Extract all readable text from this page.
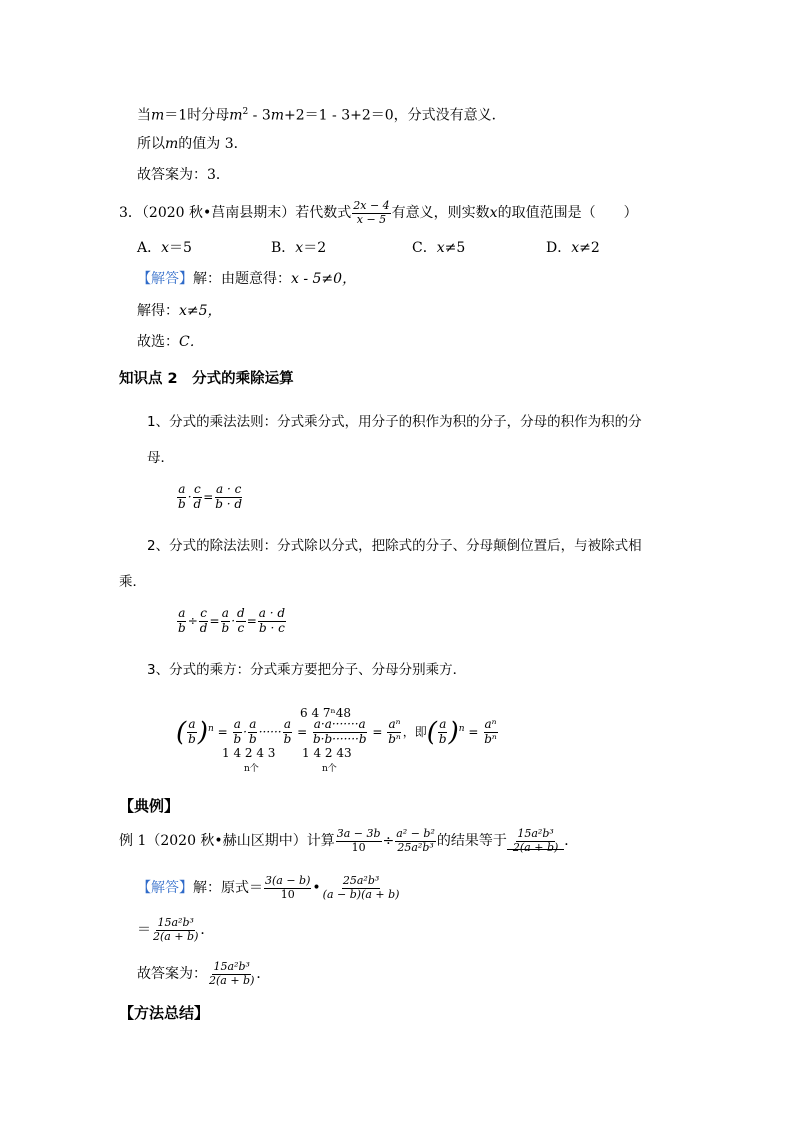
当m＝1时分母$m^2 - 3m+2=1 - 3+2=0$，分式没有意义．
所以m的值为 3．
故答案为：3．
3．（2020 秋•莒南县期末）若代数式 $\frac{2x - 4}{x - 5}$ 有意义，则实数x的取值范围是（　　）
A．x＝5	B．x＝2	C．x≠5	D．x≠2
【解答】解：由题意得：x - 5≠0，
解得：x≠5，
故选：C．
知识点 2　分式的乘除运算
1、分式的乘法法则：分式乘分式，用分子的积作为积的分子，分母的积作为积的分
母．
$\frac{a}{b} \cdot \frac{c}{d} = \frac{a \cdot c}{b \cdot d}$
2、分式的除法法则：分式除以分式，把除式的分子、分母颠倒位置后，与被除式相
乘．
$\frac{a}{b} \div \frac{c}{d} = \frac{a}{b} \cdot \frac{d}{c} = \frac{a \cdot d}{b \cdot c}$
3、分式的乘方：分式乘方要把分子、分母分别乘方．
6 4 7ⁿ48
( $\frac{a}{b} )^n = \frac{a}{b} \cdot \frac{a}{b}$ ······ $\frac{a}{b} = \frac{a\cdot a\cdot\cdot\cdot\cdot\cdot\cdot\cdot a}{b\cdot b\cdot\cdot\cdot\cdot\cdot\cdot\cdot b} = \frac{\text{aⁿ}}{\text{bⁿ}}$ ，即( $\frac{a}{b} )^n = \frac{\text{aⁿ}}{\text{bⁿ}}$
1 4 2 4 3 1 4 2 43
n个	n个
【典例】
例 1（2020 秋•赫山区期中）计算 $\frac{3a - 3b}{10} \div \frac{\text{a² − b²}}{\text{25a²b³}}$ 的结果等于 $\frac{\text{15a²b³}}{2(a + b)}$ ．
【解答】解：原式＝ $\frac{3(a - b)}{10}$ • $\frac{\text{25a²b³}}{(a - b)(a + b)}$
＝ $\frac{\text{15a²b³}}{2(a + b)}$ ．
故答案为： $\frac{\text{15a²b³}}{2(a + b)}$ ．
【方法总结】
